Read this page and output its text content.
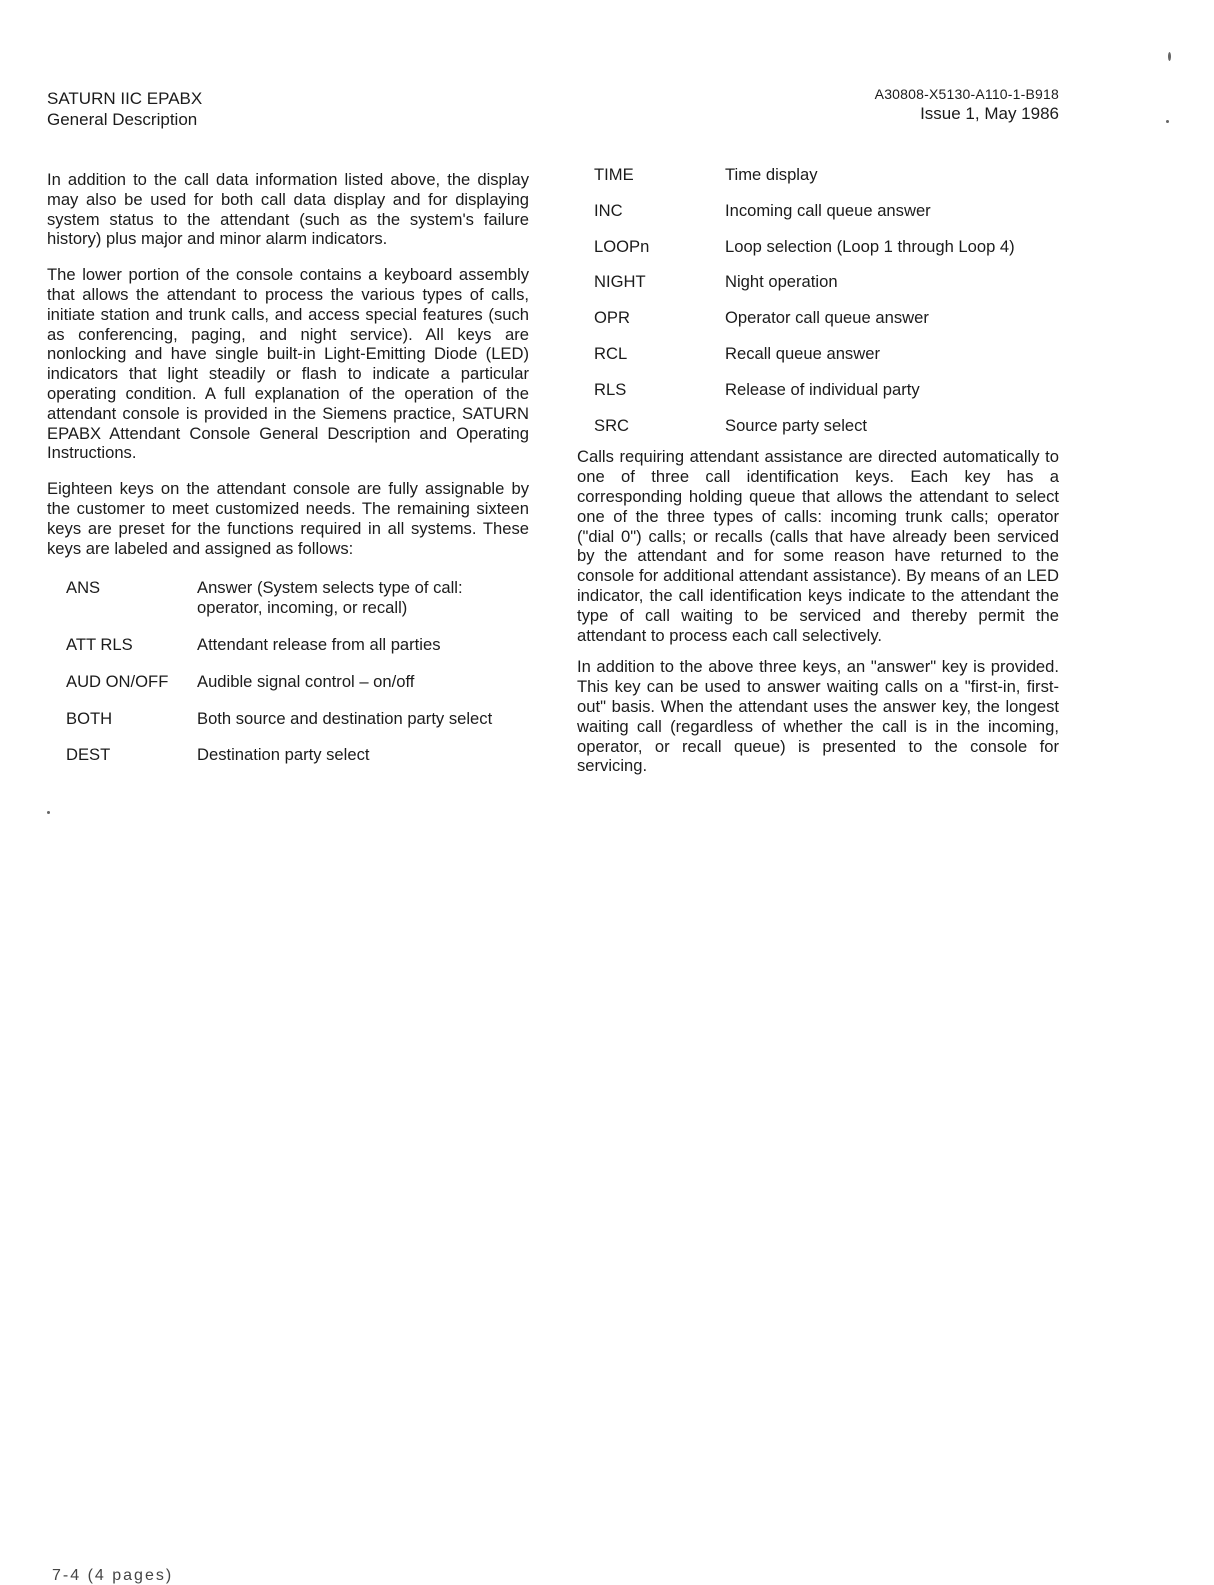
SATURN IIC EPABX
General Description
A30808-X5130-A110-1-B918
Issue 1, May 1986

In addition to the call data information listed above, the display may also be used for both call data display and for displaying system status to the attendant (such as the system's failure history) plus major and minor alarm indicators.

The lower portion of the console contains a keyboard assembly that allows the attendant to process the various types of calls, initiate station and trunk calls, and access special features (such as conferencing, paging, and night service). All keys are nonlocking and have single built-in Light-Emitting Diode (LED) indicators that light steadily or flash to indicate a particular operating condition. A full explanation of the operation of the attendant console is provided in the Siemens practice, SATURN EPABX Attendant Console General Description and Operating Instructions.

Eighteen keys on the attendant console are fully assignable by the customer to meet customized needs. The remaining sixteen keys are preset for the functions required in all systems. These keys are labeled and assigned as follows:

ANS	Answer (System selects type of call: operator, incoming, or recall)
ATT RLS	Attendant release from all parties
AUD ON/OFF	Audible signal control – on/off
BOTH	Both source and destination party select
DEST	Destination party select
TIME	Time display
INC	Incoming call queue answer
LOOPn	Loop selection (Loop 1 through Loop 4)
NIGHT	Night operation
OPR	Operator call queue answer
RCL	Recall queue answer
RLS	Release of individual party
SRC	Source party select

Calls requiring attendant assistance are directed automatically to one of three call identification keys. Each key has a corresponding holding queue that allows the attendant to select one of the three types of calls: incoming trunk calls; operator ("dial 0") calls; or recalls (calls that have already been serviced by the attendant and for some reason have returned to the console for additional attendant assistance). By means of an LED indicator, the call identification keys indicate to the attendant the type of call waiting to be serviced and thereby permit the attendant to process each call selectively.

In addition to the above three keys, an "answer" key is provided. This key can be used to answer waiting calls on a "first-in, first-out" basis. When the attendant uses the answer key, the longest waiting call (regardless of whether the call is in the incoming, operator, or recall queue) is presented to the console for servicing.

7-4 (4 pages)
